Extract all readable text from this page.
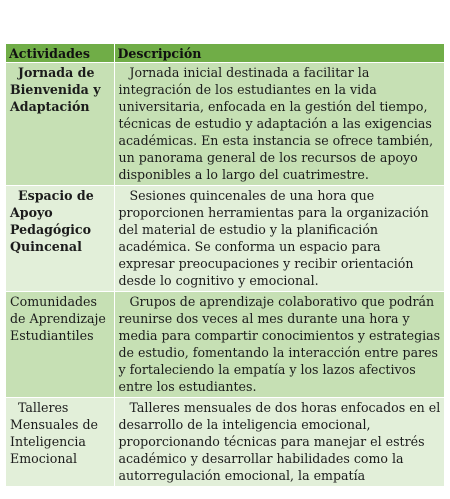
Actividades	Descripción
Jornada de Bienvenida y Adaptación	Jornada inicial destinada a facilitar la integración de los estudiantes en la vida universitaria, enfocada en la gestión del tiempo, técnicas de estudio y adaptación a las exigencias académicas. En esta instancia se ofrece también, un panorama general de los recursos de apoyo disponibles a lo largo del cuatrimestre.
Espacio de Apoyo Pedagógico Quincenal	Sesiones quincenales de una hora que proporcionen herramientas para la organización del material de estudio y la planificación académica. Se conforma un espacio para expresar preocupaciones y recibir orientación desde lo cognitivo y emocional.
Comunidades de Aprendizaje Estudiantiles	Grupos de aprendizaje colaborativo que podrán reunirse dos veces al mes durante una hora y media para compartir conocimientos y estrategias de estudio, fomentando la interacción entre pares y fortaleciendo la empatía y los lazos afectivos entre los estudiantes.
Talleres Mensuales de Inteligencia Emocional	Talleres mensuales de dos horas enfocados en el desarrollo de la inteligencia emocional, proporcionando técnicas para manejar el estrés académico y desarrollar habilidades como la autorregulación emocional, la empatía
